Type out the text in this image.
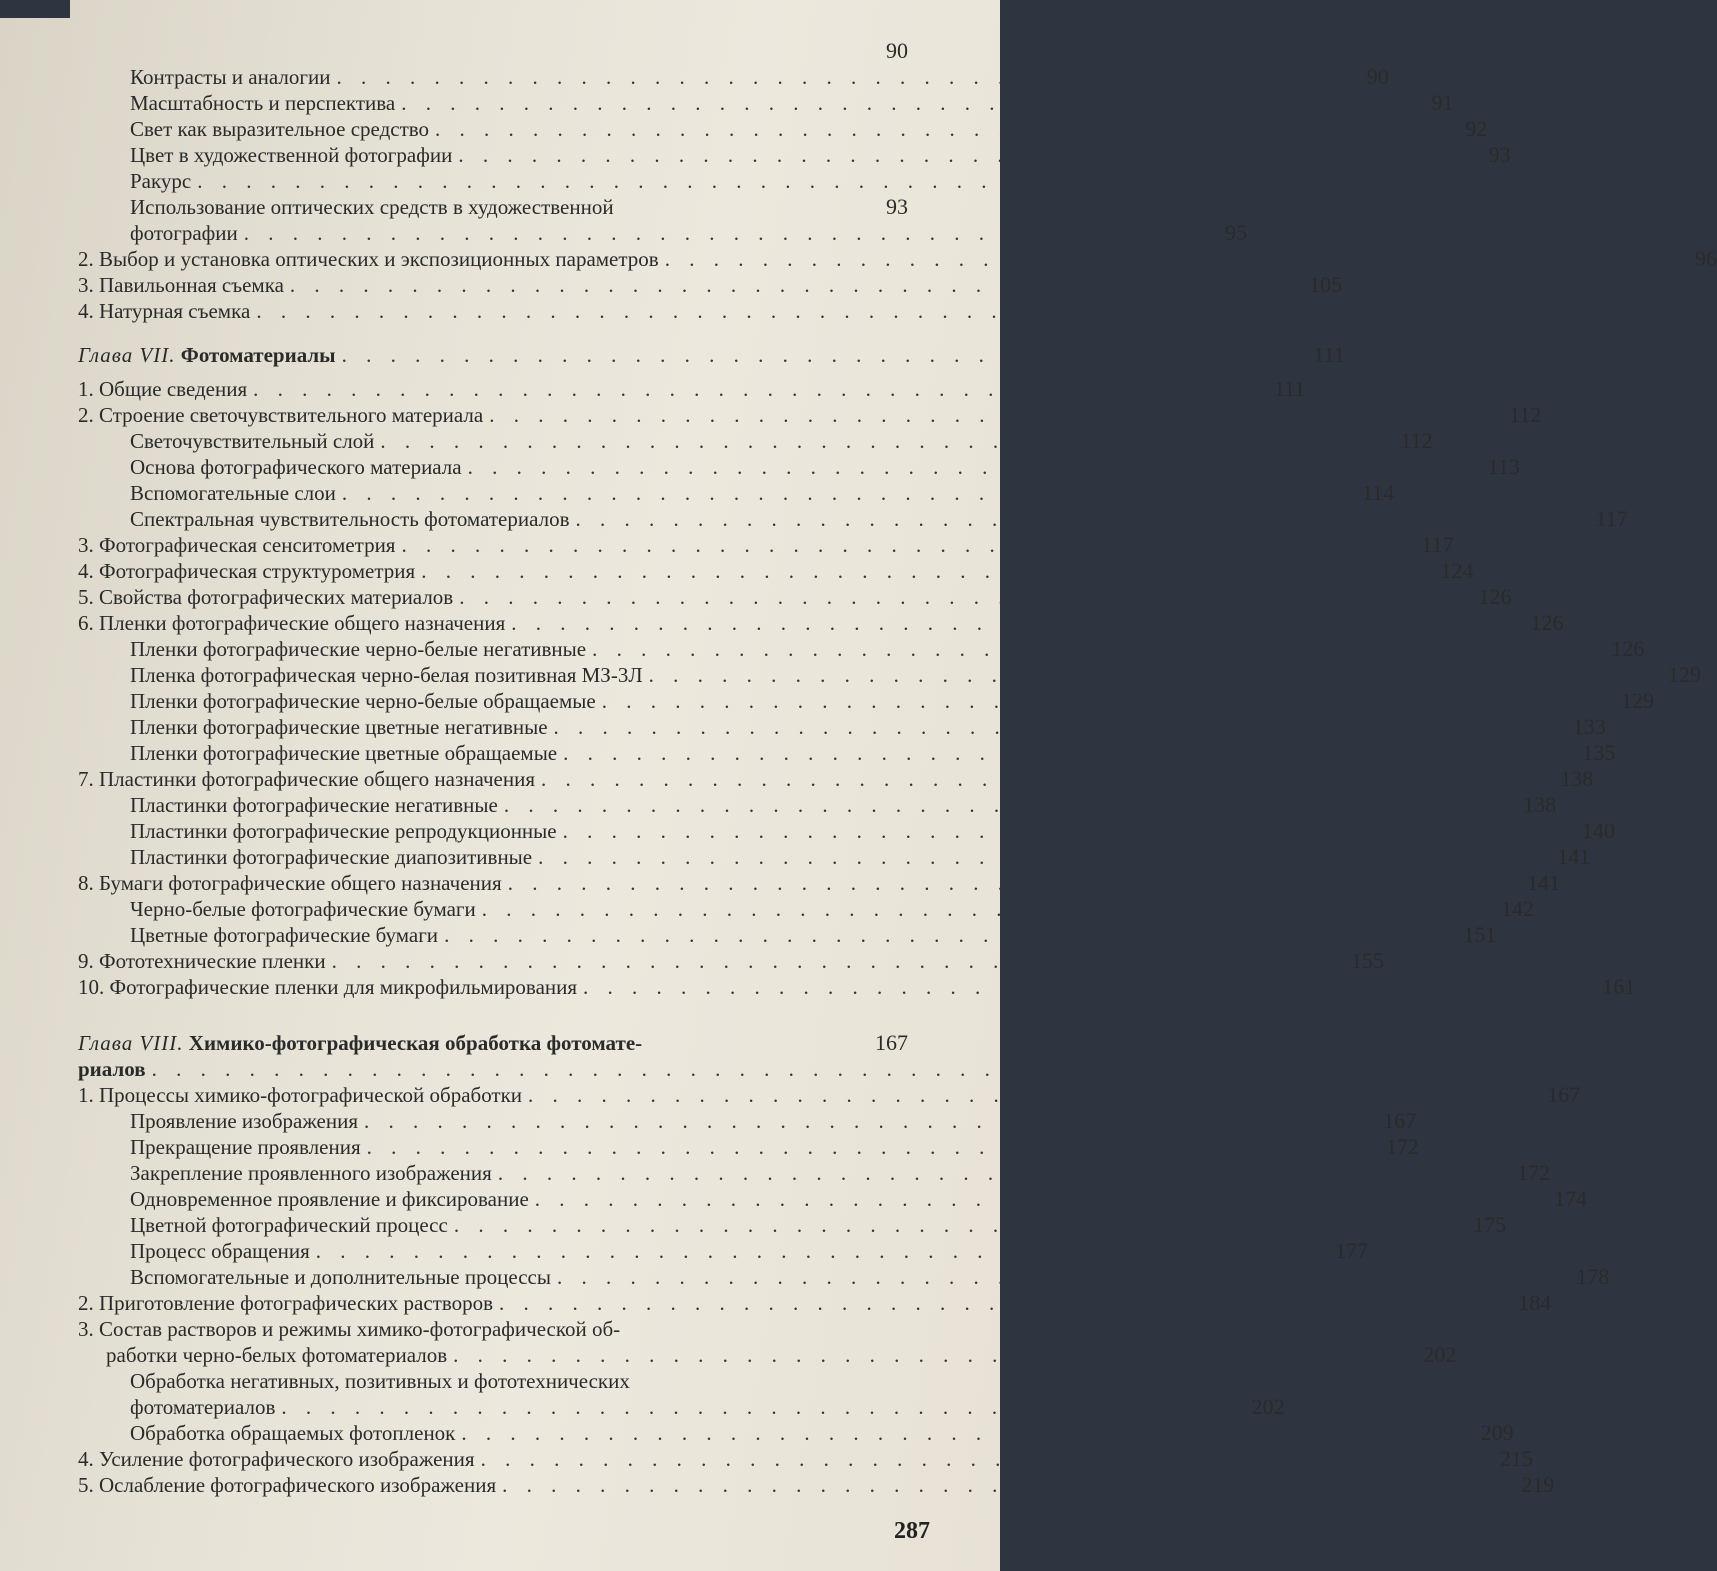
90
Контрасты и аналогии . . . . . . . . . . . . . . . . . . . . . . . . . . . . . . . . . . . . . . . . .	90
Масштабность и перспектива . . . . . . . . . . . . . . . . . . . . . . . . . . . . . . . . . . . . . . . . .	91
Свет как выразительное средство . . . . . . . . . . . . . . . . . . . . . . . . . . . . . . . . . . . . . . . . .	92
Цвет в художественной фотографии . . . . . . . . . . . . . . . . . . . . . . . . . . . . . . . . . . . . . . . . .	93
Ракурс . . . . . . . . . . . . . . . . . . . . . . . . . . . . . . . . . . . . . . . . .
Использование оптических средств в художественной	93
фотографии . . . . . . . . . . . . . . . . . . . . . . . . . . . . . . . . . . . . . . .	95
2. Выбор и установка оптических и экспозиционных параметров . . . . . . . . . . . . . . . . . . . . . . . . . . . . . . . . . . . . . . . . .	96
3. Павильонная съемка . . . . . . . . . . . . . . . . . . . . . . . . . . . . . . . . . . . . . . . . .	105
4. Натурная съемка . . . . . . . . . . . . . . . . . . . . . . . . . . . . . . . . . . . . . . . . .
Глава VII. Фотоматериалы . . . . . . . . . . . . . . . . . . . . . . . . . . . . . . . . . . . . . . .	111
1. Общие сведения . . . . . . . . . . . . . . . . . . . . . . . . . . . . . . . . . . . . . . . . .	111
2. Строение светочувствительного материала . . . . . . . . . . . . . . . . . . . . . . . . . . . . . . . . . . . . . . . . .	112
Светочувствительный слой . . . . . . . . . . . . . . . . . . . . . . . . . . . . . . . . . . . . . . . . .	112
Основа фотографического материала . . . . . . . . . . . . . . . . . . . . . . . . . . . . . . . . . . . . . . . . .	113
Вспомогательные слои . . . . . . . . . . . . . . . . . . . . . . . . . . . . . . . . . . . . . . . . .	114
Спектральная чувствительность фотоматериалов . . . . . . . . . . . . . . . . . . . . . . . . . . . . . . . . . . . . . . . . .	117
3. Фотографическая сенситометрия . . . . . . . . . . . . . . . . . . . . . . . . . . . . . . . . . . . . . . . . .	117
4. Фотографическая структурометрия . . . . . . . . . . . . . . . . . . . . . . . . . . . . . . . . . . . . . . . . .	124
5. Свойства фотографических материалов . . . . . . . . . . . . . . . . . . . . . . . . . . . . . . . . . . . . . . . . .	126
6. Пленки фотографические общего назначения . . . . . . . . . . . . . . . . . . . . . . . . . . . . . . . . . . . . . . . . .	126
Пленки фотографические черно-белые негативные . . . . . . . . . . . . . . . . . . . . . . . . . . . . . . . . . . . . . . . . .	126
Пленка фотографическая черно-белая позитивная МЗ-3Л . . . . . . . . . . . . . . . . . . . . . . . . . . . . . . . . . . . . . . . . .	129
Пленки фотографические черно-белые обращаемые . . . . . . . . . . . . . . . . . . . . . . . . . . . . . . . . . . . . . . . . .	129
Пленки фотографические цветные негативные . . . . . . . . . . . . . . . . . . . . . . . . . . . . . . . . . . . . . . . . .	133
Пленки фотографические цветные обращаемые . . . . . . . . . . . . . . . . . . . . . . . . . . . . . . . . . . . . . . . . .	135
7. Пластинки фотографические общего назначения . . . . . . . . . . . . . . . . . . . . . . . . . . . . . . . . . . . . . . . . .	138
Пластинки фотографические негативные . . . . . . . . . . . . . . . . . . . . . . . . . . . . . . . . . . . . . . . . .	138
Пластинки фотографические репродукционные . . . . . . . . . . . . . . . . . . . . . . . . . . . . . . . . . . . . . . . . .	140
Пластинки фотографические диапозитивные . . . . . . . . . . . . . . . . . . . . . . . . . . . . . . . . . . . . . . . . .	141
8. Бумаги фотографические общего назначения . . . . . . . . . . . . . . . . . . . . . . . . . . . . . . . . . . . . . . . . .	141
Черно-белые фотографические бумаги . . . . . . . . . . . . . . . . . . . . . . . . . . . . . . . . . . . . . . . . .	142
Цветные фотографические бумаги . . . . . . . . . . . . . . . . . . . . . . . . . . . . . . . . . . . . . . . . .	151
9. Фототехнические пленки . . . . . . . . . . . . . . . . . . . . . . . . . . . . . . . . . . . . . . . . .	155
10. Фотографические пленки для микрофильмирования . . . . . . . . . . . . . . . . . . . . . . . . . . . . . . . . . . . . . . . . .	161
Глава VIII. Химико-фотографическая обработка фотомате-	167
риалов . . . . . . . . . . . . . . . . . . . . . . . . . . . . . . . . . . . . . . .
1. Процессы химико-фотографической обработки . . . . . . . . . . . . . . . . . . . . . . . . . . . . . . . . . . . . . . . . .	167
Проявление изображения . . . . . . . . . . . . . . . . . . . . . . . . . . . . . . . . . . . . . . . . .	167
Прекращение проявления . . . . . . . . . . . . . . . . . . . . . . . . . . . . . . . . . . . . . . . . .	172
Закрепление проявленного изображения . . . . . . . . . . . . . . . . . . . . . . . . . . . . . . . . . . . . . . . . .	172
Одновременное проявление и фиксирование . . . . . . . . . . . . . . . . . . . . . . . . . . . . . . . . . . . . . . . . .	174
Цветной фотографический процесс . . . . . . . . . . . . . . . . . . . . . . . . . . . . . . . . . . . . . . . . .	175
Процесс обращения . . . . . . . . . . . . . . . . . . . . . . . . . . . . . . . . . . . . . . . . .	177
Вспомогательные и дополнительные процессы . . . . . . . . . . . . . . . . . . . . . . . . . . . . . . . . . . . . . . . . .	178
2. Приготовление фотографических растворов . . . . . . . . . . . . . . . . . . . . . . . . . . . . . . . . . . . . . . . . .	184
3. Состав растворов и режимы химико-фотографической об-
работки черно-белых фотоматериалов . . . . . . . . . . . . . . . . . . . . . . . . . . . . . . . . . . . . . . .	202
Обработка негативных, позитивных и фототехнических
фотоматериалов . . . . . . . . . . . . . . . . . . . . . . . . . . . . . . . . . . . . . . .	202
Обработка обращаемых фотопленок . . . . . . . . . . . . . . . . . . . . . . . . . . . . . . . . . . . . . . . . .	209
4. Усиление фотографического изображения . . . . . . . . . . . . . . . . . . . . . . . . . . . . . . . . . . . . . . . . .	215
5. Ослабление фотографического изображения . . . . . . . . . . . . . . . . . . . . . . . . . . . . . . . . . . . . . . . . .	219
287
